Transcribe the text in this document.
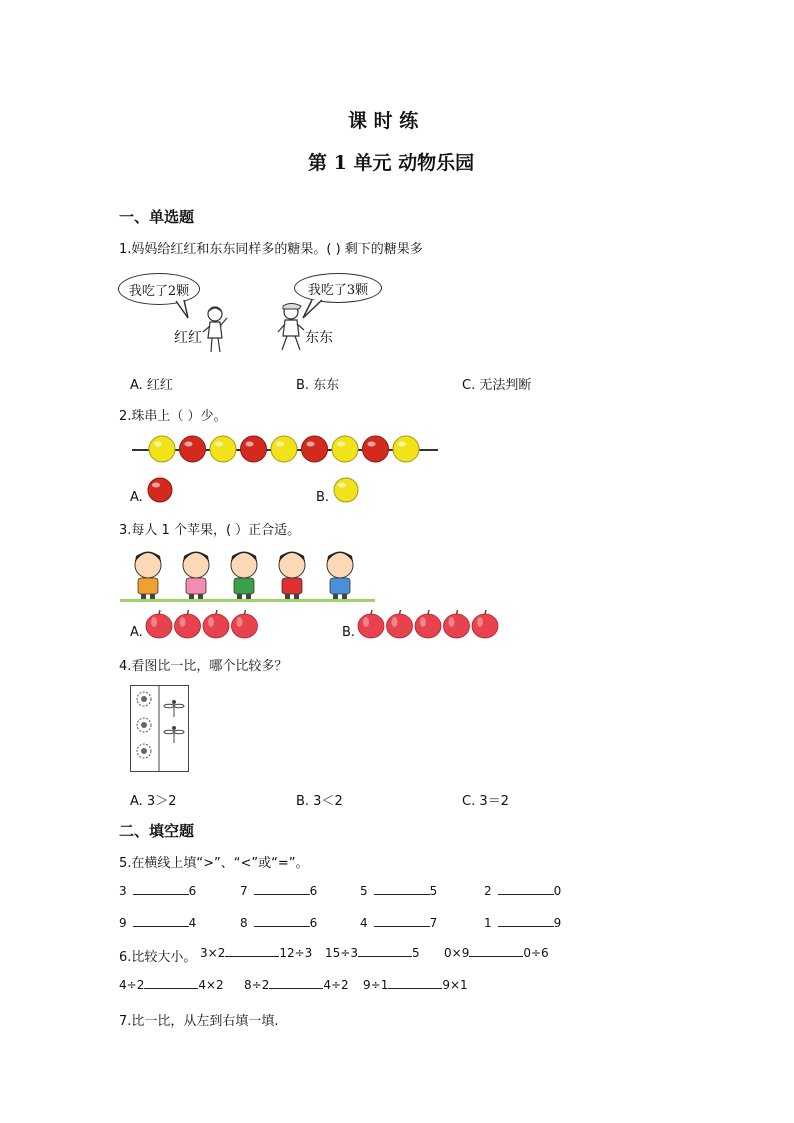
课 时 练
第 1 单元 动物乐园
一、单选题
1.妈妈给红红和东东同样多的糖果。( ) 剩下的糖果多
我吃了2颗	我吃了3颗
红红	东东
A. 红红	B. 东东	C. 无法判断
2.珠串上（ ）少。
A.	B.
3.每人 1 个苹果，( ）正合适。
A.	B.
4.看图比一比，哪个比较多？
A. 3＞2	B. 3＜2	C. 3＝2
二、填空题
5.在横线上填“>”、“<”或“=”。
3	6	7	6	5	5	2	0
9	4	8	6	4	7	1	9
6.比较大小。 3×2	12÷3 15÷3	5 0×9	0÷6
4÷2	4×2 8÷2	4÷2 9÷1	9×1
7.比一比，从左到右填一填.
